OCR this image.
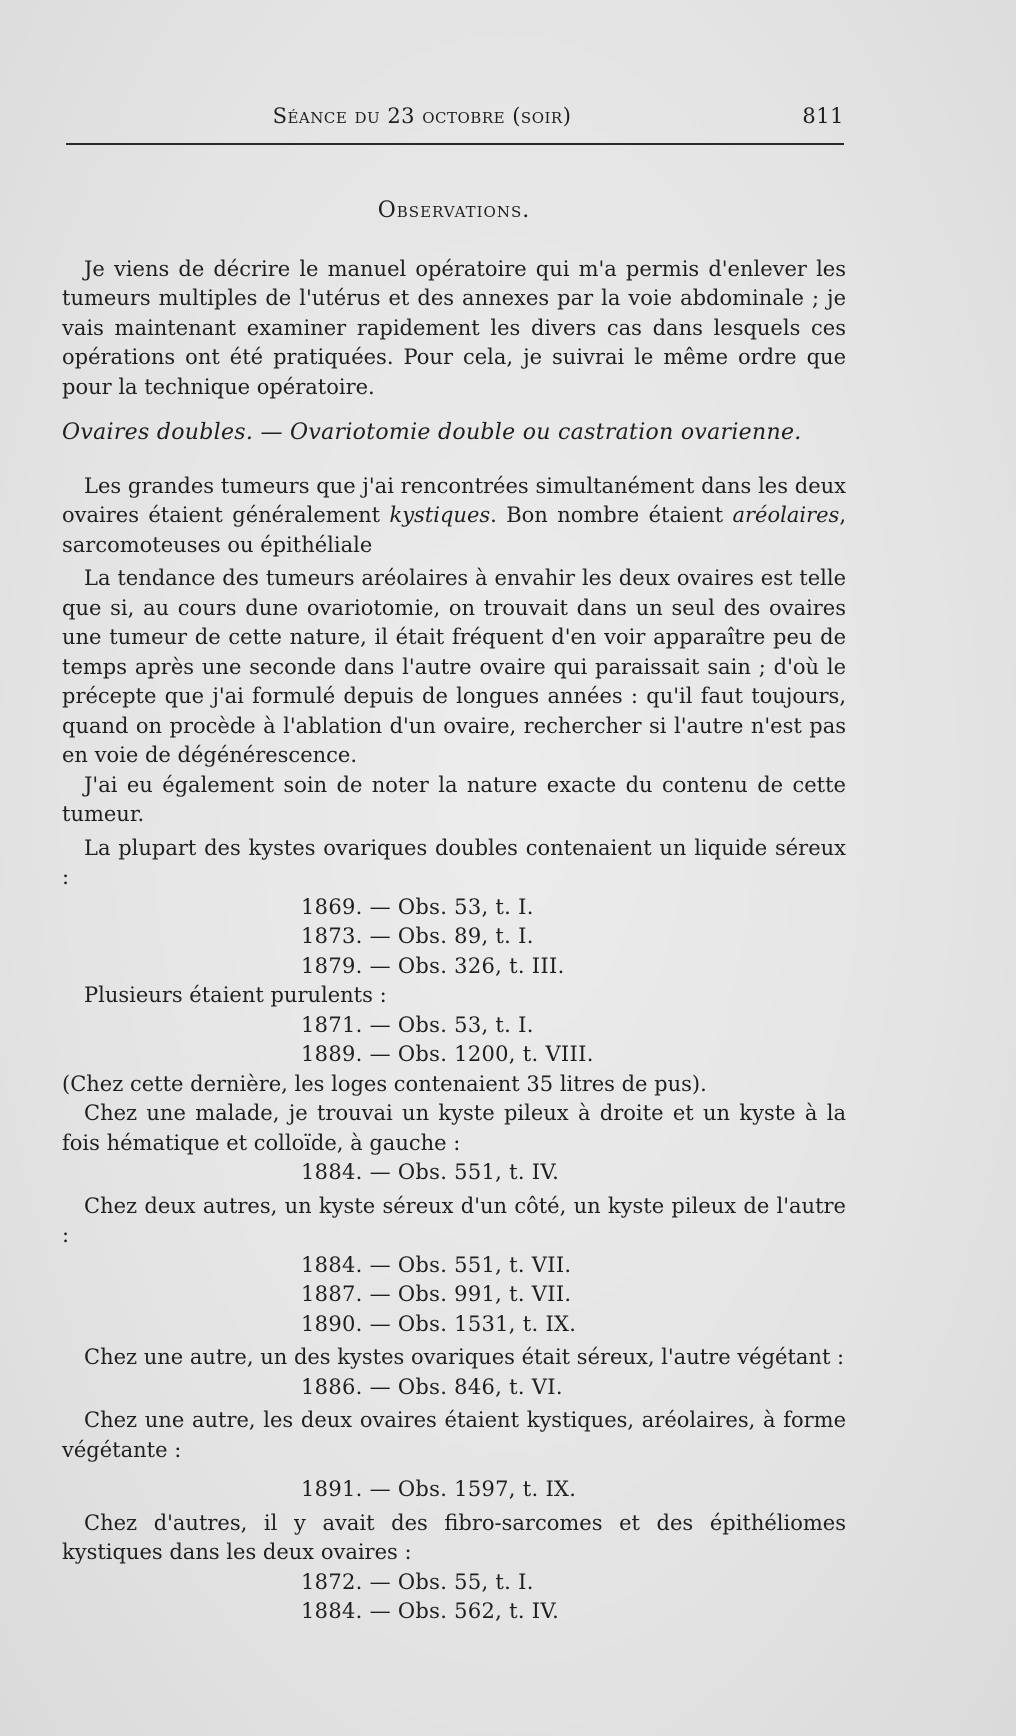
Séance du 23 octobre (soir)	811

Observations.

Je viens de décrire le manuel opératoire qui m'a permis d'enlever les tumeurs multiples de l'utérus et des annexes par la voie abdominale ; je vais maintenant examiner rapidement les divers cas dans lesquels ces opérations ont été pratiquées. Pour cela, je suivrai le même ordre que pour la technique opératoire.

Ovaires doubles. — Ovariotomie double ou castration ovarienne.

Les grandes tumeurs que j'ai rencontrées simultanément dans les deux ovaires étaient généralement kystiques. Bon nombre étaient aréolaires, sarcomoteuses ou épithéliale

La tendance des tumeurs aréolaires à envahir les deux ovaires est telle que si, au cours dune ovariotomie, on trouvait dans un seul des ovaires une tumeur de cette nature, il était fréquent d'en voir apparaître peu de temps après une seconde dans l'autre ovaire qui paraissait sain ; d'où le précepte que j'ai formulé depuis de longues années : qu'il faut toujours, quand on procède à l'ablation d'un ovaire, rechercher si l'autre n'est pas en voie de dégénérescence.

J'ai eu également soin de noter la nature exacte du contenu de cette tumeur.

La plupart des kystes ovariques doubles contenaient un liquide séreux :

1869. — Obs. 53, t. I.

1873. — Obs. 89, t. I.

1879. — Obs. 326, t. III.

Plusieurs étaient purulents :

1871. — Obs. 53, t. I.

1889. — Obs. 1200, t. VIII.

(Chez cette dernière, les loges contenaient 35 litres de pus).

Chez une malade, je trouvai un kyste pileux à droite et un kyste à la fois hématique et colloïde, à gauche :

1884. — Obs. 551, t. IV.

Chez deux autres, un kyste séreux d'un côté, un kyste pileux de l'autre :

1884. — Obs. 551, t. VII.

1887. — Obs. 991, t. VII.

1890. — Obs. 1531, t. IX.

Chez une autre, un des kystes ovariques était séreux, l'autre végétant :

1886. — Obs. 846, t. VI.

Chez une autre, les deux ovaires étaient kystiques, aréolaires, à forme végétante :

1891. — Obs. 1597, t. IX.

Chez d'autres, il y avait des fibro-sarcomes et des épithéliomes kystiques dans les deux ovaires :

1872. — Obs. 55, t. I.

1884. — Obs. 562, t. IV.
